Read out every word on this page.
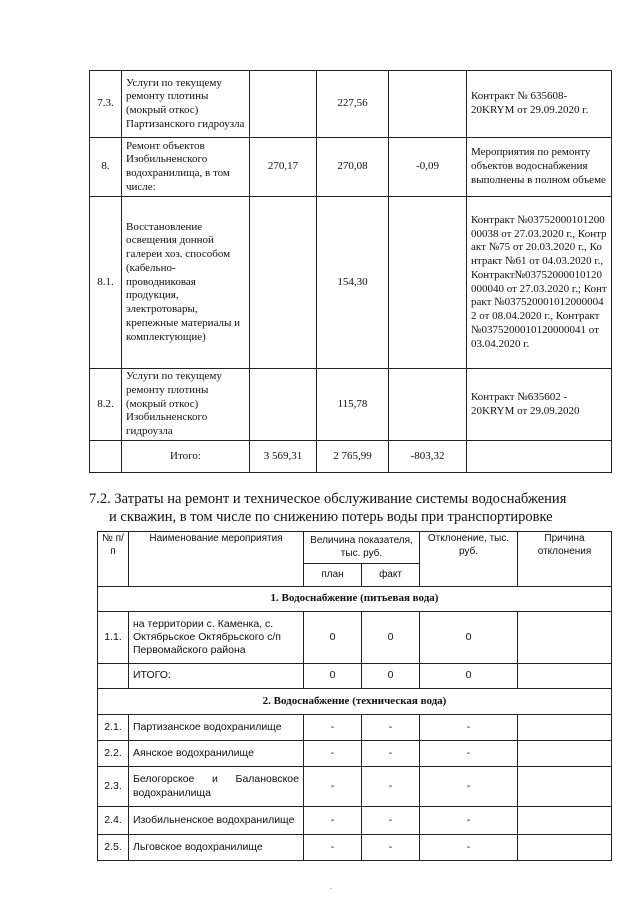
7.3.	Услуги по текущему ремонту плотины (мокрый откос) Партизанского гидроузла		227,56		Контракт № 635608-20KRYM от 29.09.2020 г.
8.	Ремонт объектов Изобильненского водохранилища, в том числе:	270,17	270,08	-0,09	Мероприятия по ремонту объектов водоснабжения выполнены в полном объеме
8.1.	Восстановление освещения донной галереи хоз. способом (кабельно-проводниковая продукция, электротовары, крепежные материалы и комплектующие)		154,30		Контракт №0375200010120000038 от 27.03.2020 г., Контракт №75 от 20.03.2020 г., Контракт №61 от 04.03.2020 г., Контракт№03752000010120000040 от 27.03.2020 г.; Контракт №0375200010120000042 от 08.04.2020 г., Контракт №0375200010120000041 от 03.04.2020 г.
8.2.	Услуги по текущему ремонту плотины (мокрый откос) Изобильненского гидроузла		115,78		Контракт №635602 - 20KRYM от 29.09.2020
	Итого:	3 569,31	2 765,99	-803,32	
7.2. Затраты на ремонт и техническое обслуживание системы водоснабжения
и скважин, в том числе по снижению потерь воды при транспортировке
№ п/п	Наименование мероприятия	Величина показателя, тыс. руб.		Отклонение, тыс. руб.	Причина отклонения
		план	факт		
1. Водоснабжение (питьевая вода)					
1.1.	на территории с. Каменка, с. Октябрьское Октябрьского с/п Первомайского района	0	0	0	
	ИТОГО:	0	0	0	
2. Водоснабжение (техническая вода)					
2.1.	Партизанское водохранилище	-	-	-	
2.2.	Аянское водохранилище	-	-	-	
2.3.	Белогорское и Балановское водохранилища	-	-	-	
2.4.	Изобильненское водохранилище	-	-	-	
2.5.	Льговское водохранилище	-	-	-	
.
